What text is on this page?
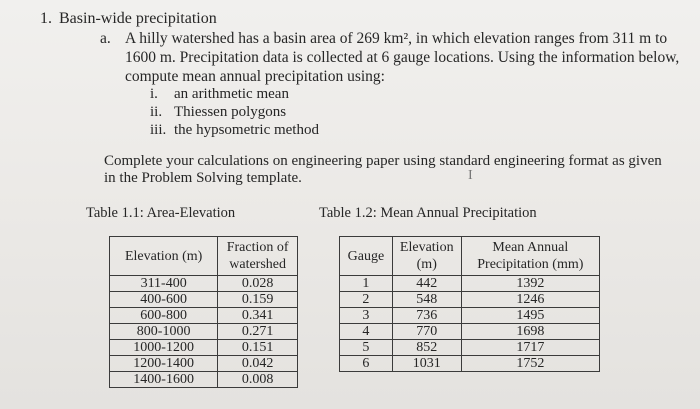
1. Basin-wide precipitation
a. A hilly watershed has a basin area of 269 km², in which elevation ranges from 311 m to
1600 m. Precipitation data is collected at 6 gauge locations. Using the information below,
compute mean annual precipitation using:
i. an arithmetic mean
ii. Thiessen polygons
iii. the hypsometric method
Complete your calculations on engineering paper using standard engineering format as given
in the Problem Solving template.	I
Table 1.1: Area-Elevation	Table 1.2: Mean Annual Precipitation
Elevation (m)	Fraction of watershed
311-400	0.028
400-600	0.159
600-800	0.341
800-1000	0.271
1000-1200	0.151
1200-1400	0.042
1400-1600	0.008
Gauge	Elevation (m)	Mean Annual Precipitation (mm)
1	442	1392
2	548	1246
3	736	1495
4	770	1698
5	852	1717
6	1031	1752
